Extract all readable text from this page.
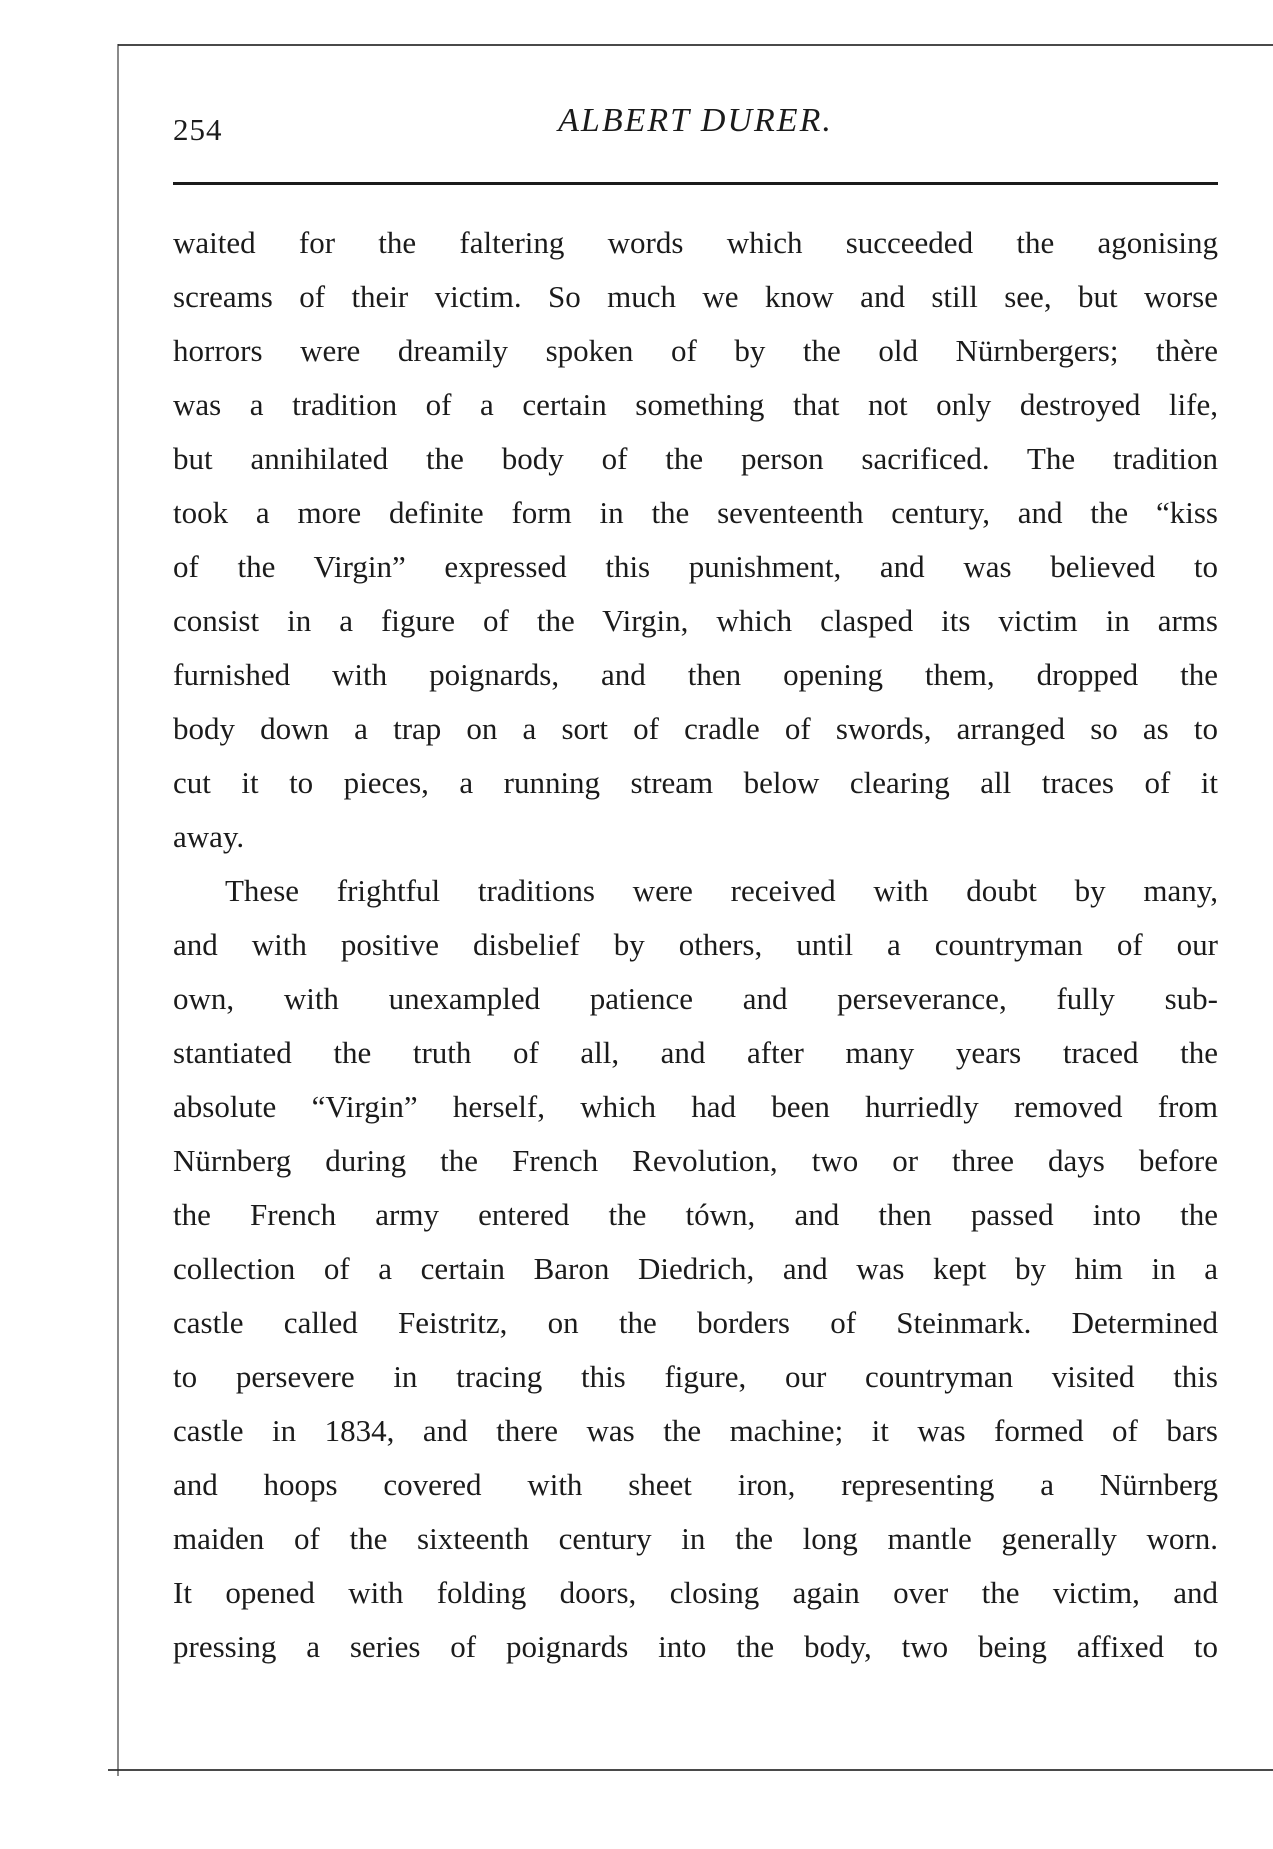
254	ALBERT DURER.
waited for the faltering words which succeeded the agonising
screams of their victim. So much we know and still see, but worse
horrors were dreamily spoken of by the old Nürnbergers; thère
was a tradition of a certain something that not only destroyed life,
but annihilated the body of the person sacrificed. The tradition
took a more definite form in the seventeenth century, and the “kiss
of the Virgin” expressed this punishment, and was believed to
consist in a figure of the Virgin, which clasped its victim in arms
furnished with poignards, and then opening them, dropped the
body down a trap on a sort of cradle of swords, arranged so as to
cut it to pieces, a running stream below clearing all traces of it
away.
These frightful traditions were received with doubt by many,
and with positive disbelief by others, until a countryman of our
own, with unexampled patience and perseverance, fully sub-
stantiated the truth of all, and after many years traced the
absolute “Virgin” herself, which had been hurriedly removed from
Nürnberg during the French Revolution, two or three days before
the French army entered the tówn, and then passed into the
collection of a certain Baron Diedrich, and was kept by him in a
castle called Feistritz, on the borders of Steinmark. Determined
to persevere in tracing this figure, our countryman visited this
castle in 1834, and there was the machine; it was formed of bars
and hoops covered with sheet iron, representing a Nürnberg
maiden of the sixteenth century in the long mantle generally worn.
It opened with folding doors, closing again over the victim, and
pressing a series of poignards into the body, two being affixed to
